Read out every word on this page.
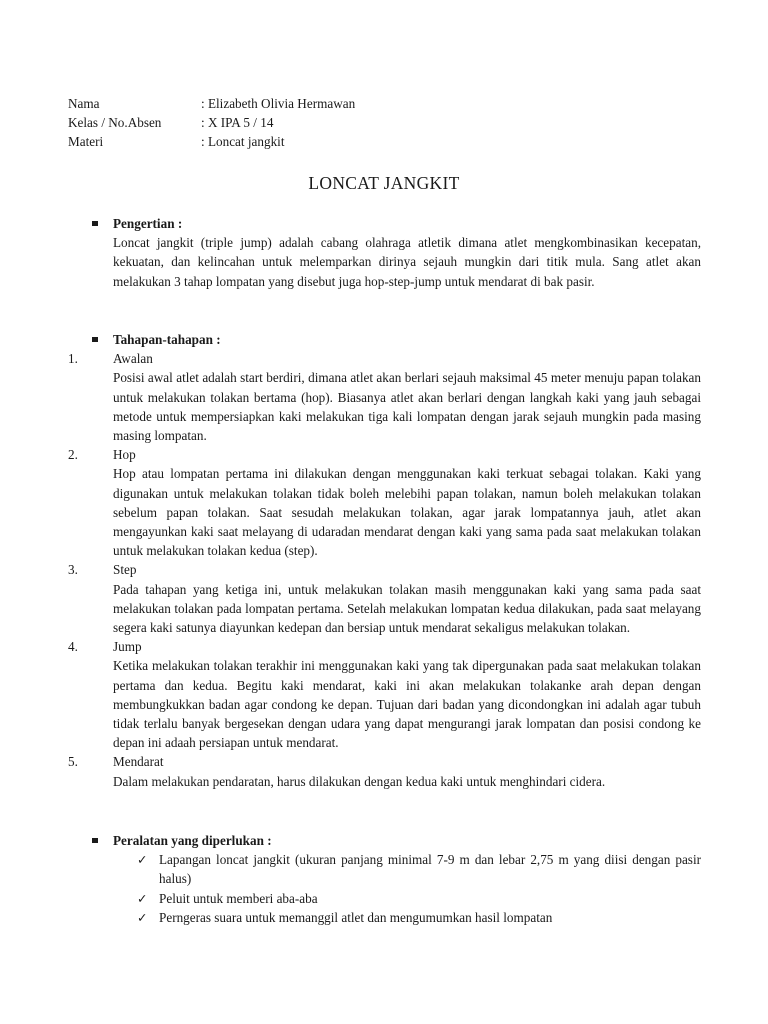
Nama	: Elizabeth Olivia Hermawan
Kelas / No.Absen	: X IPA 5 / 14
Materi	: Loncat jangkit
LONCAT JANGKIT
Pengertian :
Loncat jangkit (triple jump) adalah cabang olahraga atletik dimana atlet mengkombinasikan kecepatan, kekuatan, dan kelincahan untuk melemparkan dirinya sejauh mungkin dari titik mula. Sang atlet akan melakukan 3 tahap lompatan yang disebut juga hop-step-jump untuk mendarat di bak pasir.
Tahapan-tahapan :
1.	Awalan
Posisi awal atlet adalah start berdiri, dimana atlet akan berlari sejauh maksimal 45 meter menuju papan tolakan untuk melakukan tolakan bertama (hop). Biasanya atlet akan berlari dengan langkah kaki yang jauh sebagai metode untuk mempersiapkan kaki melakukan tiga kali lompatan dengan jarak sejauh mungkin pada masing masing lompatan.
2.	Hop
Hop atau lompatan pertama ini dilakukan dengan menggunakan kaki terkuat sebagai tolakan. Kaki yang digunakan untuk melakukan tolakan tidak boleh melebihi papan tolakan, namun boleh melakukan tolakan sebelum papan tolakan. Saat sesudah melakukan tolakan, agar jarak lompatannya jauh, atlet akan mengayunkan kaki saat melayang di udaradan mendarat dengan kaki yang sama pada saat melakukan tolakan untuk melakukan tolakan kedua (step).
3.	Step
Pada tahapan yang ketiga ini, untuk melakukan tolakan masih menggunakan kaki yang sama pada saat melakukan tolakan pada lompatan pertama. Setelah melakukan lompatan kedua dilakukan, pada saat melayang segera kaki satunya diayunkan kedepan dan bersiap untuk mendarat sekaligus melakukan tolakan.
4.	Jump
Ketika melakukan tolakan terakhir ini menggunakan kaki yang tak dipergunakan pada saat melakukan tolakan pertama dan kedua. Begitu kaki mendarat, kaki ini akan melakukan tolakanke arah depan dengan membungkukkan badan agar condong ke depan. Tujuan dari badan yang dicondongkan ini adalah agar tubuh tidak terlalu banyak bergesekan dengan udara yang dapat mengurangi jarak lompatan dan posisi condong ke depan ini adaah persiapan untuk mendarat.
5.	Mendarat
Dalam melakukan pendaratan, harus dilakukan dengan kedua kaki untuk menghindari cidera.
Peralatan yang diperlukan :
✓ Lapangan loncat jangkit (ukuran panjang minimal 7-9 m dan lebar 2,75 m yang diisi dengan pasir halus)
✓ Peluit untuk memberi aba-aba
✓ Perngeras suara untuk memanggil atlet dan mengumumkan hasil lompatan
